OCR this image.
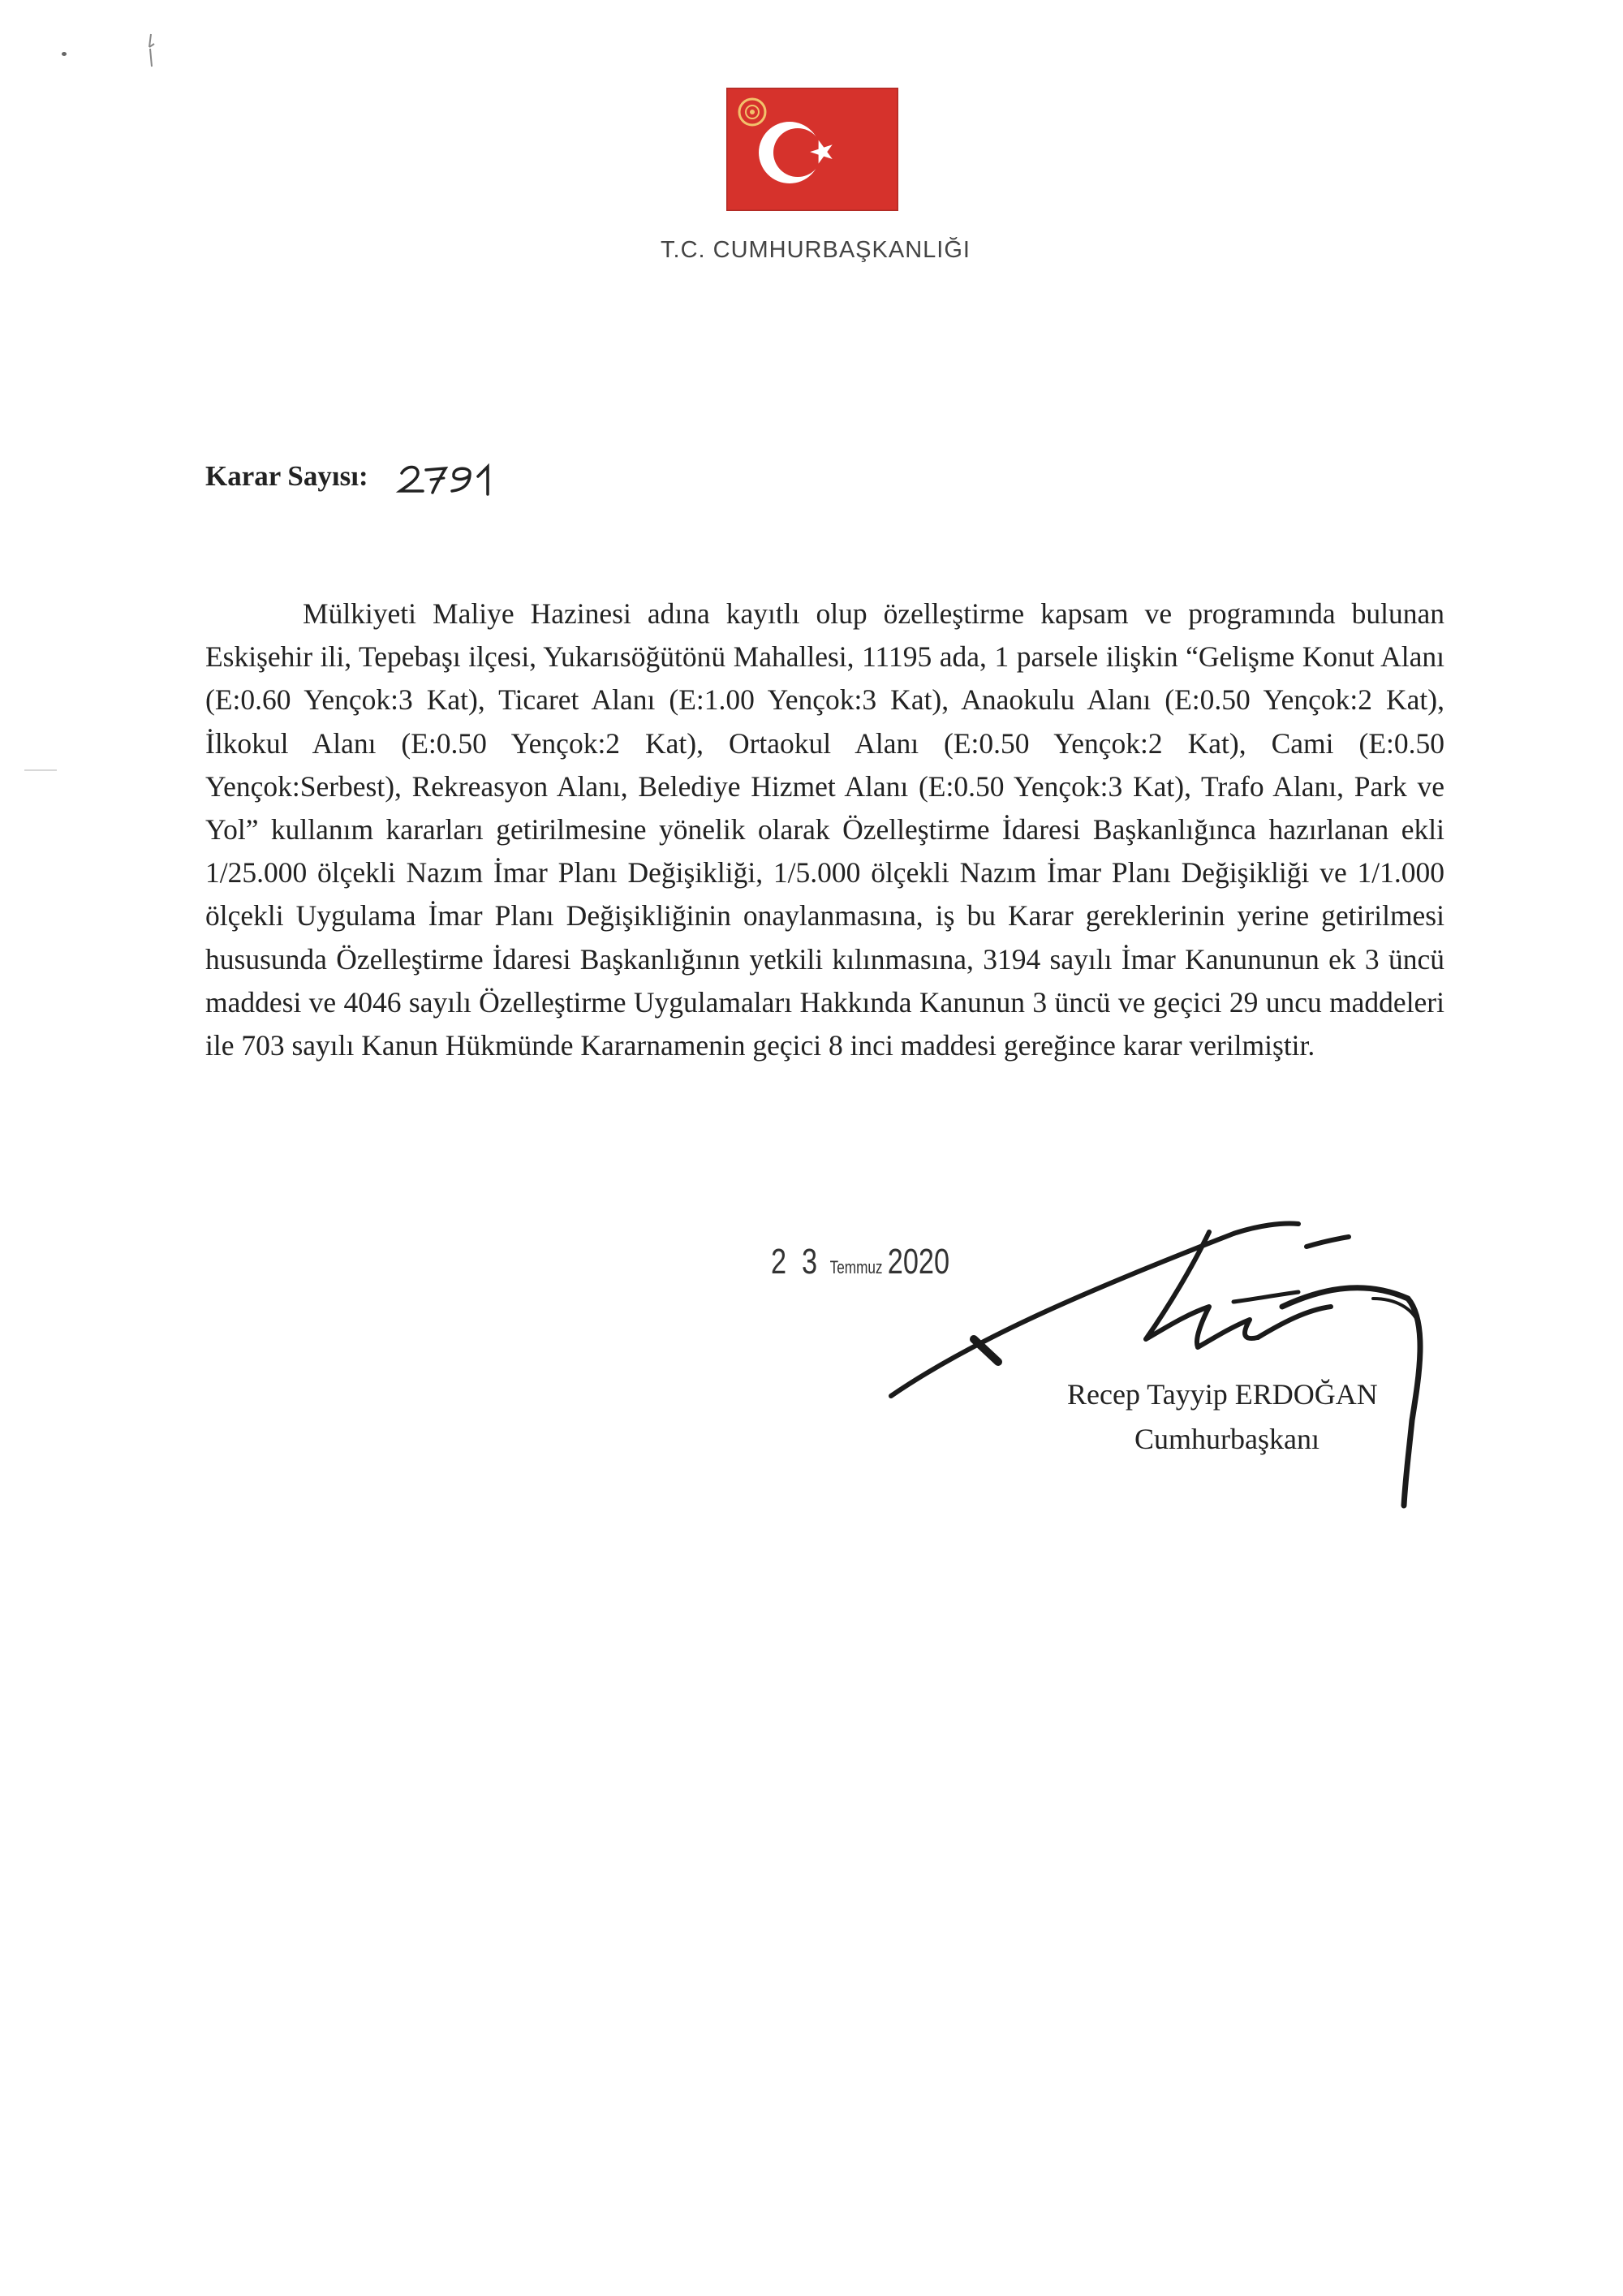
T.C. CUMHURBAŞKANLIĞI
Karar Sayısı:
Mülkiyeti Maliye Hazinesi adına kayıtlı olup özelleştirme kapsam ve programında bulunan Eskişehir ili, Tepebaşı ilçesi, Yukarısöğütönü Mahallesi, 11195 ada, 1 parsele ilişkin “Gelişme Konut Alanı (E:0.60 Yençok:3 Kat), Ticaret Alanı (E:1.00 Yençok:3 Kat), Anaokulu Alanı (E:0.50 Yençok:2 Kat), İlkokul Alanı (E:0.50 Yençok:2 Kat), Ortaokul Alanı (E:0.50 Yençok:2 Kat), Cami (E:0.50 Yençok:Serbest), Rekreasyon Alanı, Belediye Hizmet Alanı (E:0.50 Yençok:3 Kat), Trafo Alanı, Park ve Yol” kullanım kararları getirilmesine yönelik olarak Özelleştirme İdaresi Başkanlığınca hazırlanan ekli 1/25.000 ölçekli Nazım İmar Planı Değişikliği, 1/5.000 ölçekli Nazım İmar Planı Değişikliği ve 1/1.000 ölçekli Uygulama İmar Planı Değişikliğinin onaylanmasına, iş bu Karar gereklerinin yerine getirilmesi hususunda Özelleştirme İdaresi Başkanlığının yetkili kılınmasına, 3194 sayılı İmar Kanununun ek 3 üncü maddesi ve 4046 sayılı Özelleştirme Uygulamaları Hakkında Kanunun 3 üncü ve geçici 29 uncu maddeleri ile 703 sayılı Kanun Hükmünde Kararnamenin geçici 8 inci maddesi gereğince karar verilmiştir.
2 3 Temmuz 2020
Recep Tayyip ERDOĞAN
Cumhurbaşkanı
